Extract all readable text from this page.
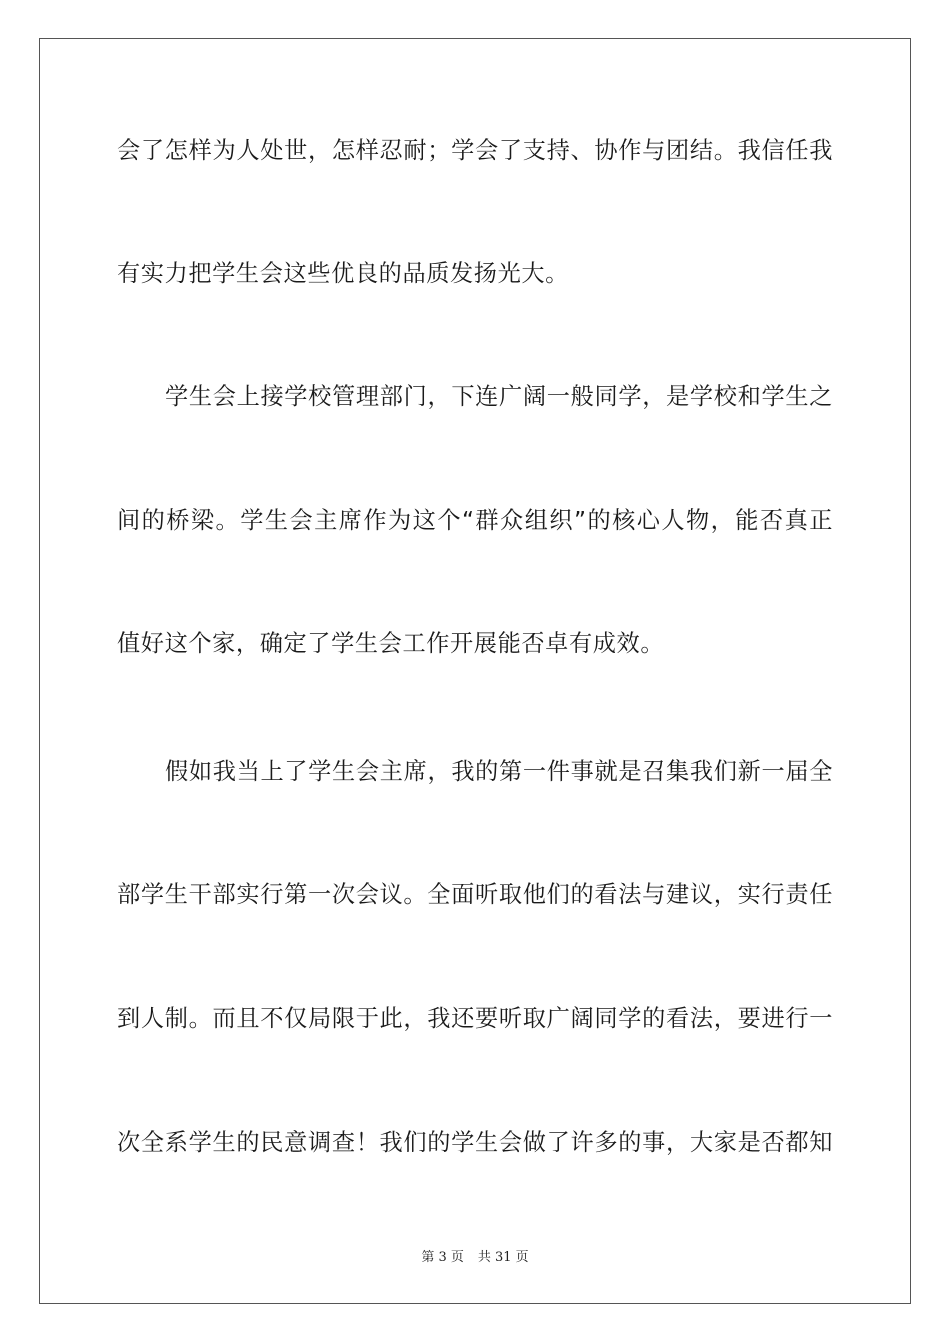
会了怎样为人处世，怎样忍耐；学会了支持、协作与团结。我信任我
有实力把学生会这些优良的品质发扬光大。
学生会上接学校管理部门，下连广阔一般同学，是学校和学生之
间的桥梁。学生会主席作为这个“群众组织”的核心人物，能否真正
值好这个家，确定了学生会工作开展能否卓有成效。
假如我当上了学生会主席，我的第一件事就是召集我们新一届全
部学生干部实行第一次会议。全面听取他们的看法与建议，实行责任
到人制。而且不仅局限于此，我还要听取广阔同学的看法，要进行一
次全系学生的民意调查！我们的学生会做了许多的事，大家是否都知
第 3 页 共 31 页
